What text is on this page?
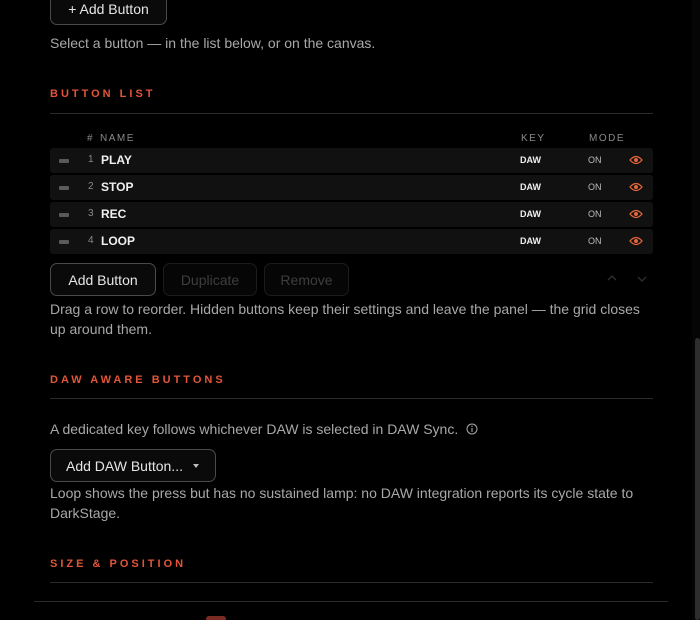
+ Add Button
Select a button — in the list below, or on the canvas.
BUTTON LIST
# NAME	KEY	MODE
1 PLAY	DAW	ON
2 STOP	DAW	ON
3 REC	DAW	ON
4 LOOP	DAW	ON
Add Button	Duplicate	Remove
Drag a row to reorder. Hidden buttons keep their settings and leave the panel — the grid closes up around them.
DAW AWARE BUTTONS
A dedicated key follows whichever DAW is selected in DAW Sync.
Add DAW Button...
Loop shows the press but has no sustained lamp: no DAW integration reports its cycle state to DarkStage.
SIZE & POSITION
